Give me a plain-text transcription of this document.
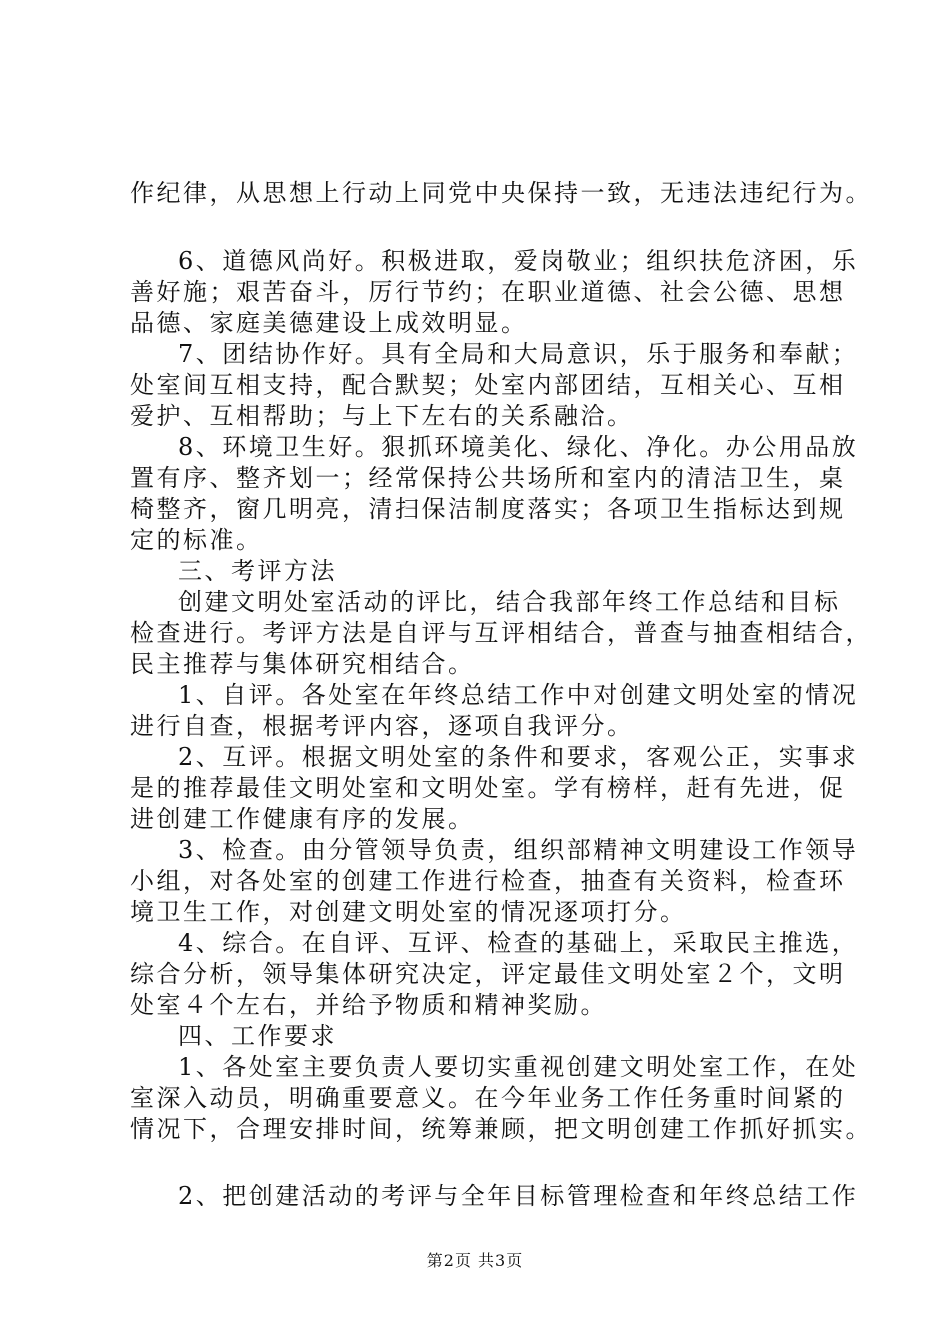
作纪律，从思想上行动上同党中央保持一致，无违法违纪行为。
6、道德风尚好。积极进取，爱岗敬业；组织扶危济困，乐
善好施；艰苦奋斗，厉行节约；在职业道德、社会公德、思想
品德、家庭美德建设上成效明显。
7、团结协作好。具有全局和大局意识，乐于服务和奉献；
处室间互相支持，配合默契；处室内部团结，互相关心、互相
爱护、互相帮助；与上下左右的关系融洽。
8、环境卫生好。狠抓环境美化、绿化、净化。办公用品放
置有序、整齐划一；经常保持公共场所和室内的清洁卫生，桌
椅整齐，窗几明亮，清扫保洁制度落实；各项卫生指标达到规
定的标准。
三、考评方法
创建文明处室活动的评比，结合我部年终工作总结和目标
检查进行。考评方法是自评与互评相结合，普查与抽查相结合，
民主推荐与集体研究相结合。
1、自评。各处室在年终总结工作中对创建文明处室的情况
进行自查，根据考评内容，逐项自我评分。
2、互评。根据文明处室的条件和要求，客观公正，实事求
是的推荐最佳文明处室和文明处室。学有榜样，赶有先进，促
进创建工作健康有序的发展。
3、检查。由分管领导负责，组织部精神文明建设工作领导
小组，对各处室的创建工作进行检查，抽查有关资料，检查环
境卫生工作，对创建文明处室的情况逐项打分。
4、综合。在自评、互评、检查的基础上，采取民主推选，
综合分析，领导集体研究决定，评定最佳文明处室２个，文明
处室４个左右，并给予物质和精神奖励。
四、工作要求
1、各处室主要负责人要切实重视创建文明处室工作，在处
室深入动员，明确重要意义。在今年业务工作任务重时间紧的
情况下，合理安排时间，统筹兼顾，把文明创建工作抓好抓实。
2、把创建活动的考评与全年目标管理检查和年终总结工作
第2页 共3页
